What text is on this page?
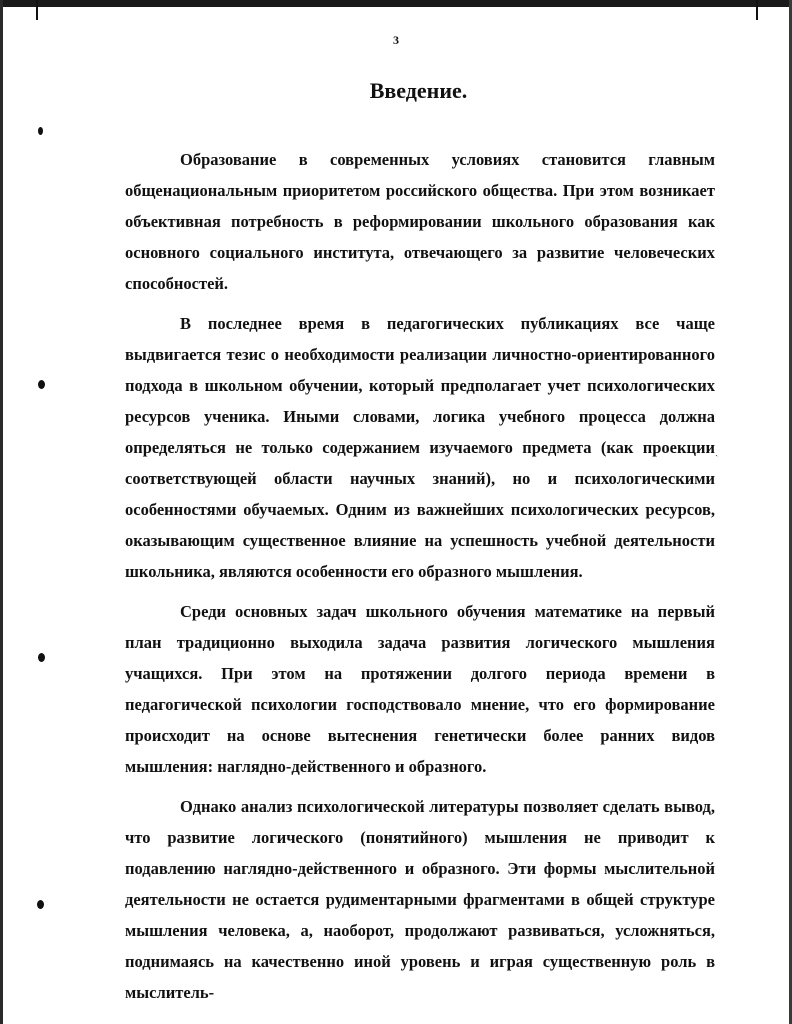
ˎ
3
Введение.

Образование в современных условиях становится главным общенациональным приоритетом российского общества. При этом возникает объективная потребность в реформировании школьного образования как основного социального института, отвечающего за развитие человеческих способностей.

В последнее время в педагогических публикациях все чаще выдвигается тезис о необходимости реализации личностно-ориентированного подхода в школьном обучении, который предполагает учет психологических ресурсов ученика. Иными словами, логика учебного процесса должна определяться не только содержанием изучаемого предмета (как проекции соответствующей области научных знаний), но и психологическими особенностями обучаемых. Одним из важнейших психологических ресурсов, оказывающим существенное влияние на успешность учебной деятельности школьника, являются особенности его образного мышления.

Среди основных задач школьного обучения математике на первый план традиционно выходила задача развития логического мышления учащихся. При этом на протяжении долгого периода времени в педагогической психологии господствовало мнение, что его формирование происходит на основе вытеснения генетически более ранних видов мышления: наглядно-действенного и образного.

Однако анализ психологической литературы позволяет сделать вывод, что развитие логического (понятийного) мышления не приводит к подавлению наглядно-действенного и образного. Эти формы мыслительной деятельности не остается рудиментарными фрагментами в общей структуре мышления человека, а, наоборот, продолжают развиваться, усложняться, поднимаясь на качественно иной уровень и играя существенную роль в мыслитель-
